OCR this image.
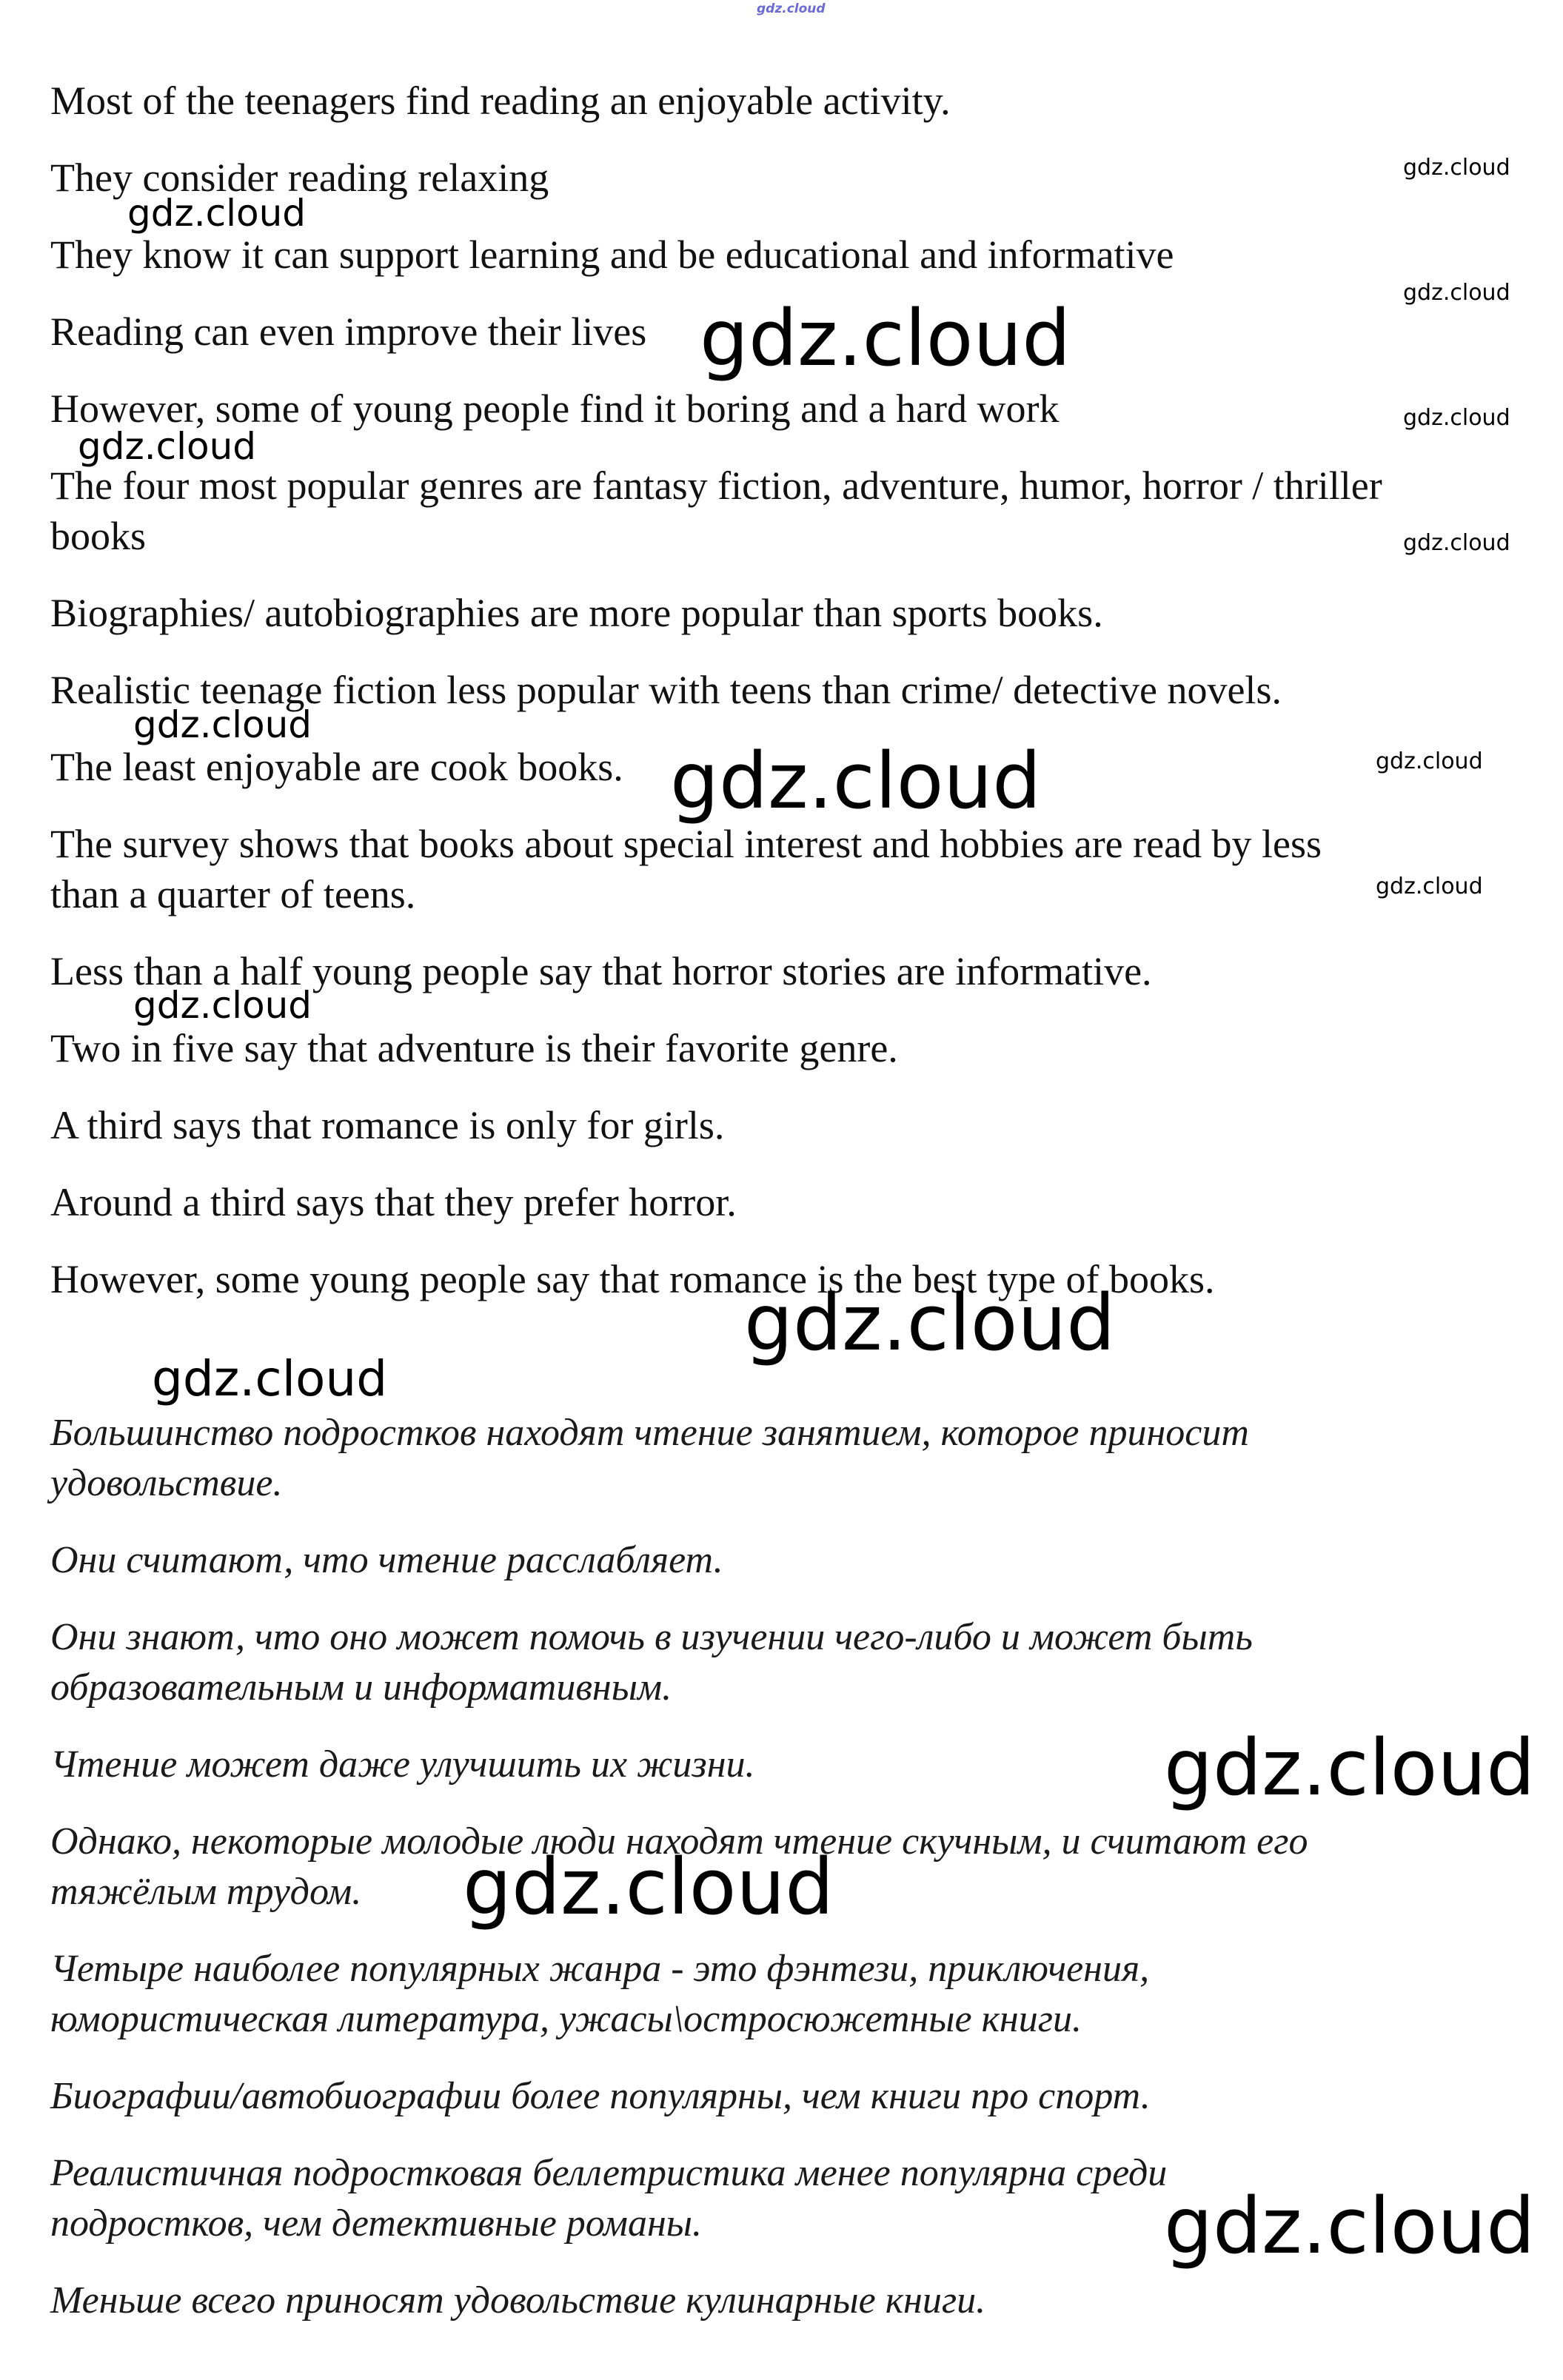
Most of the teenagers find reading an enjoyable activity.

They consider reading relaxing

They know it can support learning and be educational and informative

Reading can even improve their lives

However, some of young people find it boring and a hard work

The four most popular genres are fantasy fiction, adventure, humor, horror / thriller

books

Biographies/ autobiographies are more popular than sports books.

Realistic teenage fiction less popular with teens than crime/ detective novels.

The least enjoyable are cook books.

The survey shows that books about special interest and hobbies are read by less

than a quarter of teens.

Less than a half young people say that horror stories are informative.

Two in five say that adventure is their favorite genre.

A third says that romance is only for girls.

Around a third says that they prefer horror.

However, some young people say that romance is the best type of books.

Большинство подростков находят чтение занятием, которое приносит

удовольствие.

Они считают, что чтение расслабляет.

Они знают, что оно может помочь в изучении чего-либо и может быть

образовательным и информативным.

Чтение может даже улучшить их жизни.

Однако, некоторые молодые люди находят чтение скучным, и считают его

тяжёлым трудом.

Четыре наиболее популярных жанра - это фэнтези, приключения,

юмористическая литература, ужасы\остросюжетные книги.

Биографии/автобиографии более популярны, чем книги про спорт.

Реалистичная подростковая беллетристика менее популярна среди

подростков, чем детективные романы.

Меньше всего приносят удовольствие кулинарные книги.

gdz.cloud
gdz.cloud
gdz.cloud
gdz.cloud
gdz.cloud
gdz.cloud
gdz.cloud
gdz.cloud
gdz.cloud
gdz.cloud
gdz.cloud
gdz.cloud
gdz.cloud
gdz.cloud
gdz.cloud
gdz.cloud
gdz.cloud
gdz.cloud
